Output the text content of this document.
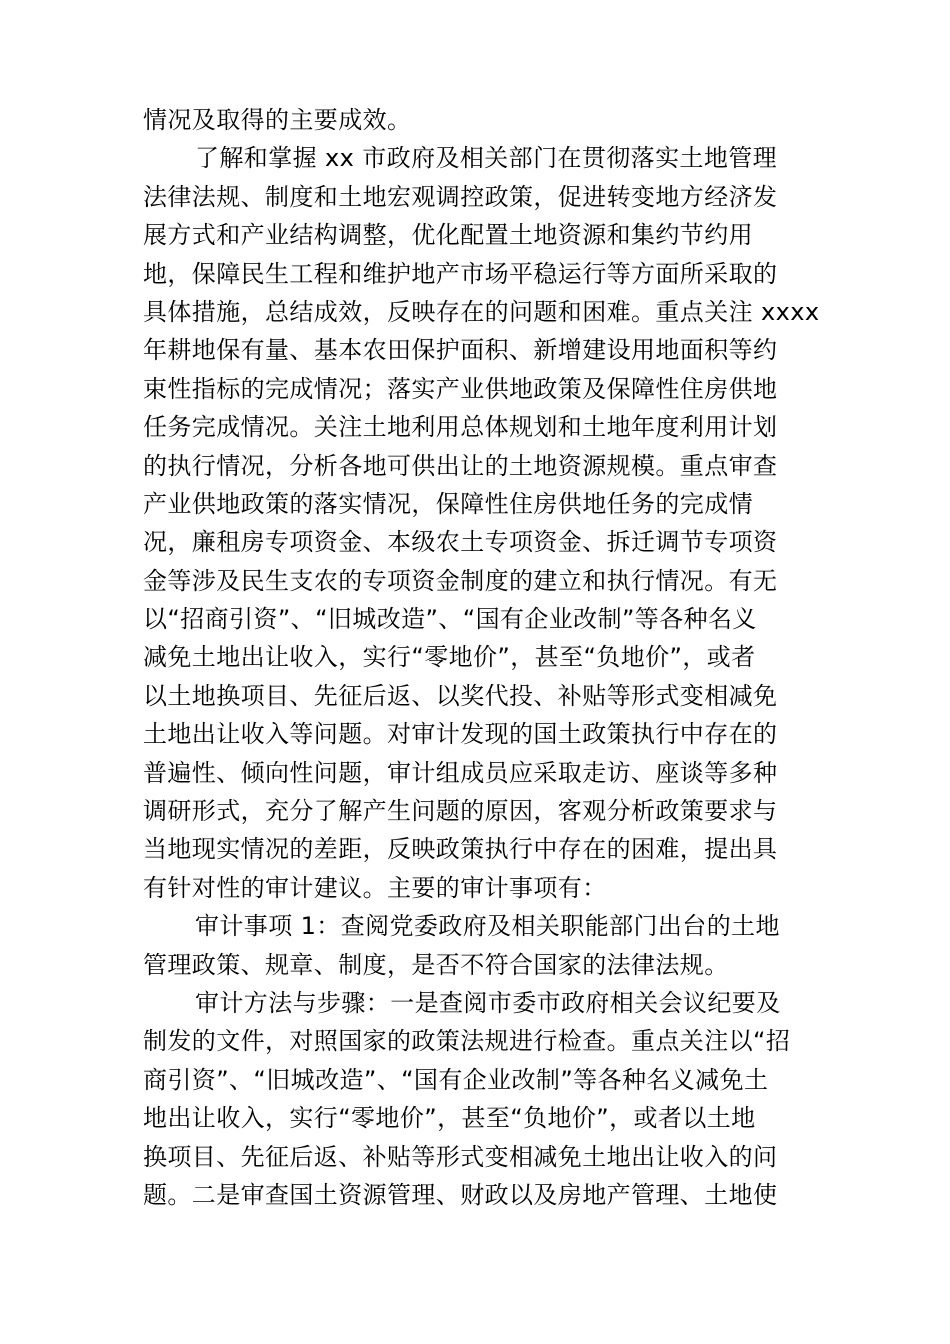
情况及取得的主要成效。
了解和掌握 xx 市政府及相关部门在贯彻落实土地管理
法律法规、制度和土地宏观调控政策，促进转变地方经济发
展方式和产业结构调整，优化配置土地资源和集约节约用
地，保障民生工程和维护地产市场平稳运行等方面所采取的
具体措施，总结成效，反映存在的问题和困难。重点关注 xxxx
年耕地保有量、基本农田保护面积、新增建设用地面积等约
束性指标的完成情况；落实产业供地政策及保障性住房供地
任务完成情况。关注土地利用总体规划和土地年度利用计划
的执行情况，分析各地可供出让的土地资源规模。重点审查
产业供地政策的落实情况，保障性住房供地任务的完成情
况，廉租房专项资金、本级农土专项资金、拆迁调节专项资
金等涉及民生支农的专项资金制度的建立和执行情况。有无
以“招商引资”、“旧城改造”、“国有企业改制”等各种名义
减免土地出让收入，实行“零地价”，甚至“负地价”，或者
以土地换项目、先征后返、以奖代投、补贴等形式变相减免
土地出让收入等问题。对审计发现的国土政策执行中存在的
普遍性、倾向性问题，审计组成员应采取走访、座谈等多种
调研形式，充分了解产生问题的原因，客观分析政策要求与
当地现实情况的差距，反映政策执行中存在的困难，提出具
有针对性的审计建议。主要的审计事项有：
审计事项 1：查阅党委政府及相关职能部门出台的土地
管理政策、规章、制度，是否不符合国家的法律法规。
审计方法与步骤：一是查阅市委市政府相关会议纪要及
制发的文件，对照国家的政策法规进行检查。重点关注以“招
商引资”、“旧城改造”、“国有企业改制”等各种名义减免土
地出让收入，实行“零地价”，甚至“负地价”，或者以土地
换项目、先征后返、补贴等形式变相减免土地出让收入的问
题。二是审查国土资源管理、财政以及房地产管理、土地使
